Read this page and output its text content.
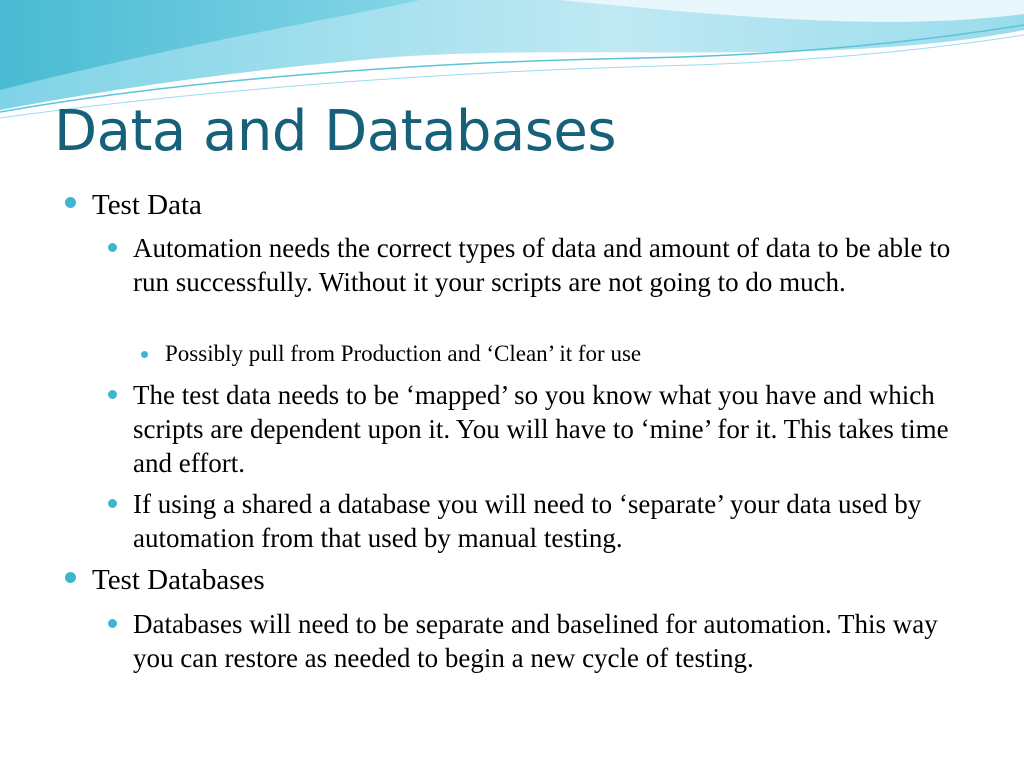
Data and Databases
Test Data
Automation needs the correct types of data and amount of data to be able to run successfully. Without it your scripts are not going to do much.
Possibly pull from Production and ‘Clean’ it for use
The test data needs to be ‘mapped’ so you know what you have and which scripts are dependent upon it. You will have to ‘mine’ for it. This takes time and effort.
If using a shared a database you will need to ‘separate’ your data used by automation from that used by manual testing.
Test Databases
Databases will need to be separate and baselined for automation. This way you can restore as needed to begin a new cycle of testing.
